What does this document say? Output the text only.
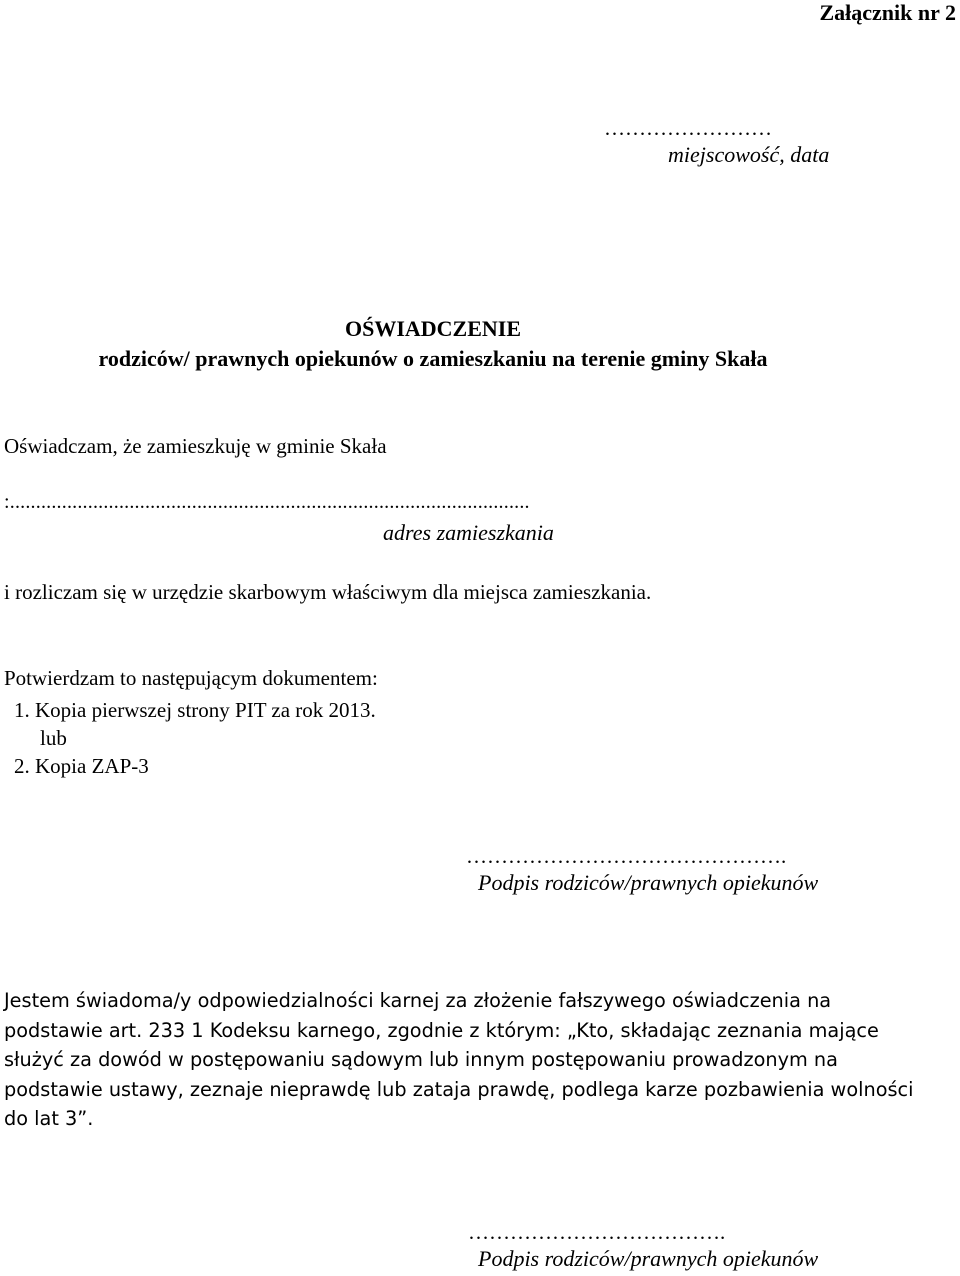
Załącznik nr 2
……………………
miejscowość, data
OŚWIADCZENIE
rodziców/ prawnych opiekunów o zamieszkaniu na terenie gminy Skała
Oświadczam, że zamieszkuję w gminie Skała
:....................................................................................................
adres zamieszkania
i rozliczam się w urzędzie skarbowym właściwym dla miejsca zamieszkania.
Potwierdzam to następującym dokumentem:
1. Kopia pierwszej strony PIT za rok 2013.
lub
2. Kopia ZAP-3
……………………………………….
Podpis rodziców/prawnych opiekunów
Jestem świadoma/y odpowiedzialności karnej za złożenie fałszywego oświadczenia na
podstawie art. 233 1 Kodeksu karnego, zgodnie z którym: „Kto, składając zeznania mające
służyć za dowód w postępowaniu sądowym lub innym postępowaniu prowadzonym na
podstawie ustawy, zeznaje nieprawdę lub zataja prawdę, podlega karze pozbawienia wolności
do lat 3”.
……………………………….
Podpis rodziców/prawnych opiekunów
